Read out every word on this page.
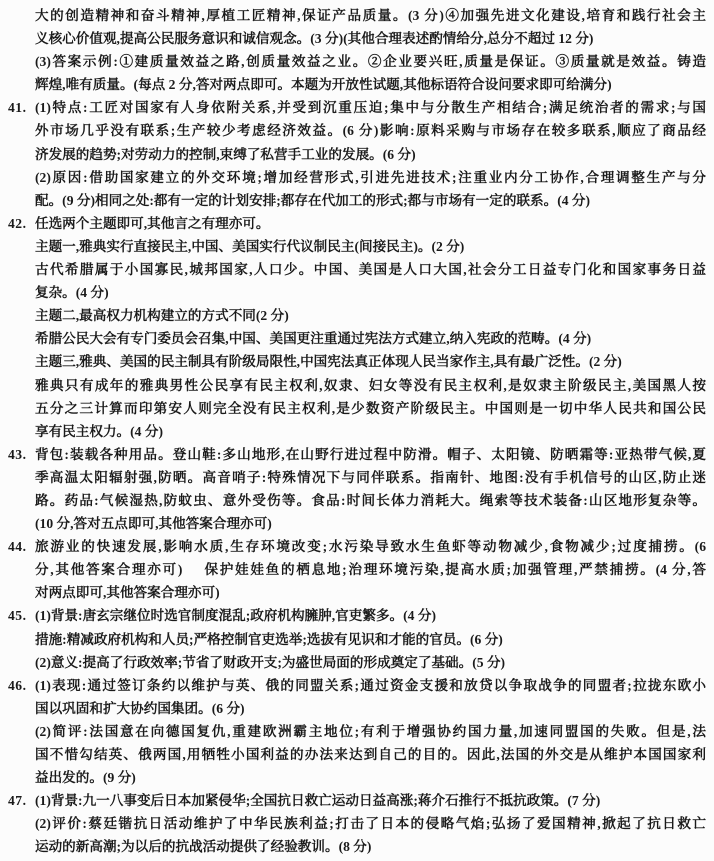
大的创造精神和奋斗精神,厚植工匠精神,保证产品质量。(3 分)④加强先进文化建设,培育和践行社会主
义核心价值观,提高公民服务意识和诚信观念。(3 分)(其他合理表述酌情给分,总分不超过 12 分)
(3)答案示例:①建质量效益之路,创质量效益之业。②企业要兴旺,质量是保证。③质量就是效益。铸造
辉煌,唯有质量。(每点 2 分,答对两点即可。本题为开放性试题,其他标语符合设问要求即可给满分)
41. (1)特点:工匠对国家有人身依附关系,并受到沉重压迫;集中与分散生产相结合;满足统治者的需求;与国
外市场几乎没有联系;生产较少考虑经济效益。(6 分)影响:原料采购与市场存在较多联系,顺应了商品经
济发展的趋势;对劳动力的控制,束缚了私营手工业的发展。(6 分)
(2)原因:借助国家建立的外交环境;增加经营形式,引进先进技术;注重业内分工协作,合理调整生产与分
配。(9 分)相同之处:都有一定的计划安排;都存在代加工的形式;都与市场有一定的联系。(4 分)
42. 任选两个主题即可,其他言之有理亦可。
主题一,雅典实行直接民主,中国、美国实行代议制民主(间接民主)。(2 分)
古代希腊属于小国寡民,城邦国家,人口少。中国、美国是人口大国,社会分工日益专门化和国家事务日益
复杂。(4 分)
主题二,最高权力机构建立的方式不同(2 分)
希腊公民大会有专门委员会召集,中国、美国更注重通过宪法方式建立,纳入宪政的范畴。(4 分)
主题三,雅典、美国的民主制具有阶级局限性,中国宪法真正体现人民当家作主,具有最广泛性。(2 分)
雅典只有成年的雅典男性公民享有民主权利,奴隶、妇女等没有民主权利,是奴隶主阶级民主,美国黑人按
五分之三计算而印第安人则完全没有民主权利,是少数资产阶级民主。中国则是一切中华人民共和国公民
享有民主权力。(4 分)
43. 背包:装载各种用品。登山鞋:多山地形,在山野行进过程中防滑。帽子、太阳镜、防晒霜等:亚热带气候,夏
季高温太阳辐射强,防晒。高音哨子:特殊情况下与同伴联系。指南针、地图:没有手机信号的山区,防止迷
路。药品:气候湿热,防蚊虫、意外受伤等。食品:时间长体力消耗大。绳索等技术装备:山区地形复杂等。
(10 分,答对五点即可,其他答案合理亦可)
44. 旅游业的快速发展,影响水质,生存环境改变;水污染导致水生鱼虾等动物减少,食物减少;过度捕捞。(6
分,其他答案合理亦可)　 保护娃娃鱼的栖息地;治理环境污染,提高水质;加强管理,严禁捕捞。(4 分,答
对两点即可,其他答案合理亦可)
45. (1)背景:唐玄宗继位时选官制度混乱;政府机构臃肿,官吏繁多。(4 分)
措施:精减政府机构和人员;严格控制官吏选举;选拔有见识和才能的官员。(6 分)
(2)意义:提高了行政效率;节省了财政开支;为盛世局面的形成奠定了基础。(5 分)
46. (1)表现:通过签订条约以维护与英、俄的同盟关系;通过资金支援和放贷以争取战争的同盟者;拉拢东欧小
国以巩固和扩大协约国集团。(6 分)
(2)简评:法国意在向德国复仇,重建欧洲霸主地位;有利于增强协约国力量,加速同盟国的失败。但是,法
国不惜勾结英、俄两国,用牺牲小国利益的办法来达到自己的目的。因此,法国的外交是从维护本国国家利
益出发的。(9 分)
47. (1)背景:九一八事变后日本加紧侵华;全国抗日救亡运动日益高涨;蒋介石推行不抵抗政策。(7 分)
(2)评价:蔡廷锴抗日活动维护了中华民族利益;打击了日本的侵略气焰;弘扬了爱国精神,掀起了抗日救亡
运动的新高潮;为以后的抗战活动提供了经验教训。(8 分)
